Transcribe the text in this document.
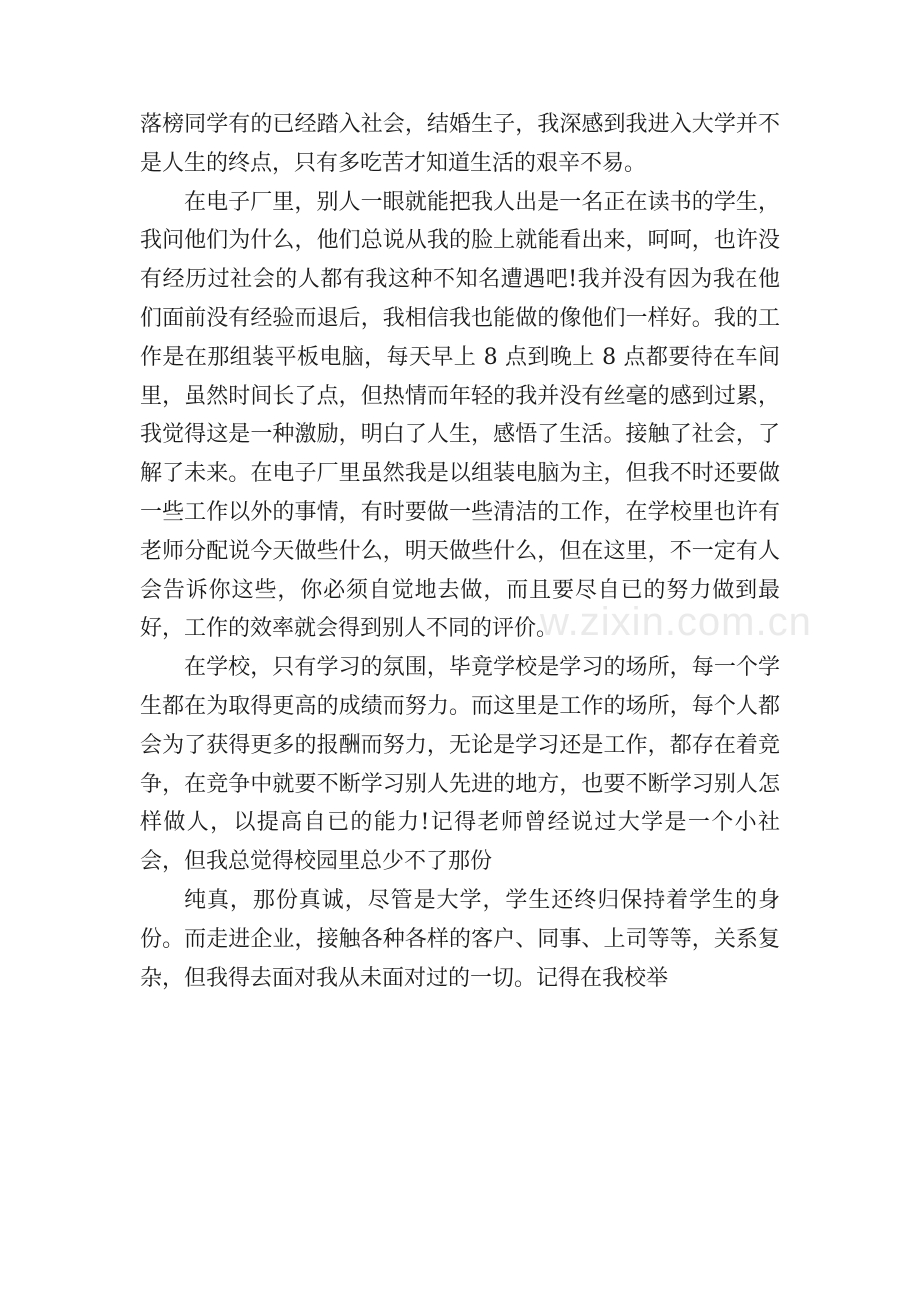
落榜同学有的已经踏入社会，结婚生子，我深感到我进入大学并不是人生的终点，只有多吃苦才知道生活的艰辛不易。

在电子厂里，别人一眼就能把我人出是一名正在读书的学生，我问他们为什么，他们总说从我的脸上就能看出来，呵呵，也许没有经历过社会的人都有我这种不知名遭遇吧!我并没有因为我在他们面前没有经验而退后，我相信我也能做的像他们一样好。我的工作是在那组装平板电脑，每天早上 8 点到晚上 8 点都要待在车间里，虽然时间长了点，但热情而年轻的我并没有丝毫的感到过累，我觉得这是一种激励，明白了人生，感悟了生活。接触了社会，了解了未来。在电子厂里虽然我是以组装电脑为主，但我不时还要做一些工作以外的事情，有时要做一些清洁的工作，在学校里也许有老师分配说今天做些什么，明天做些什么，但在这里，不一定有人会告诉你这些，你必须自觉地去做，而且要尽自已的努力做到最好，工作的效率就会得到别人不同的评价。

在学校，只有学习的氛围，毕竟学校是学习的场所，每一个学生都在为取得更高的成绩而努力。而这里是工作的场所，每个人都会为了获得更多的报酬而努力，无论是学习还是工作，都存在着竞争，在竞争中就要不断学习别人先进的地方，也要不断学习别人怎样做人，以提高自已的能力!记得老师曾经说过大学是一个小社会，但我总觉得校园里总少不了那份

纯真，那份真诚，尽管是大学，学生还终归保持着学生的身份。而走进企业，接触各种各样的客户、同事、上司等等，关系复杂，但我得去面对我从未面对过的一切。记得在我校举

w.zixin.com.cn
